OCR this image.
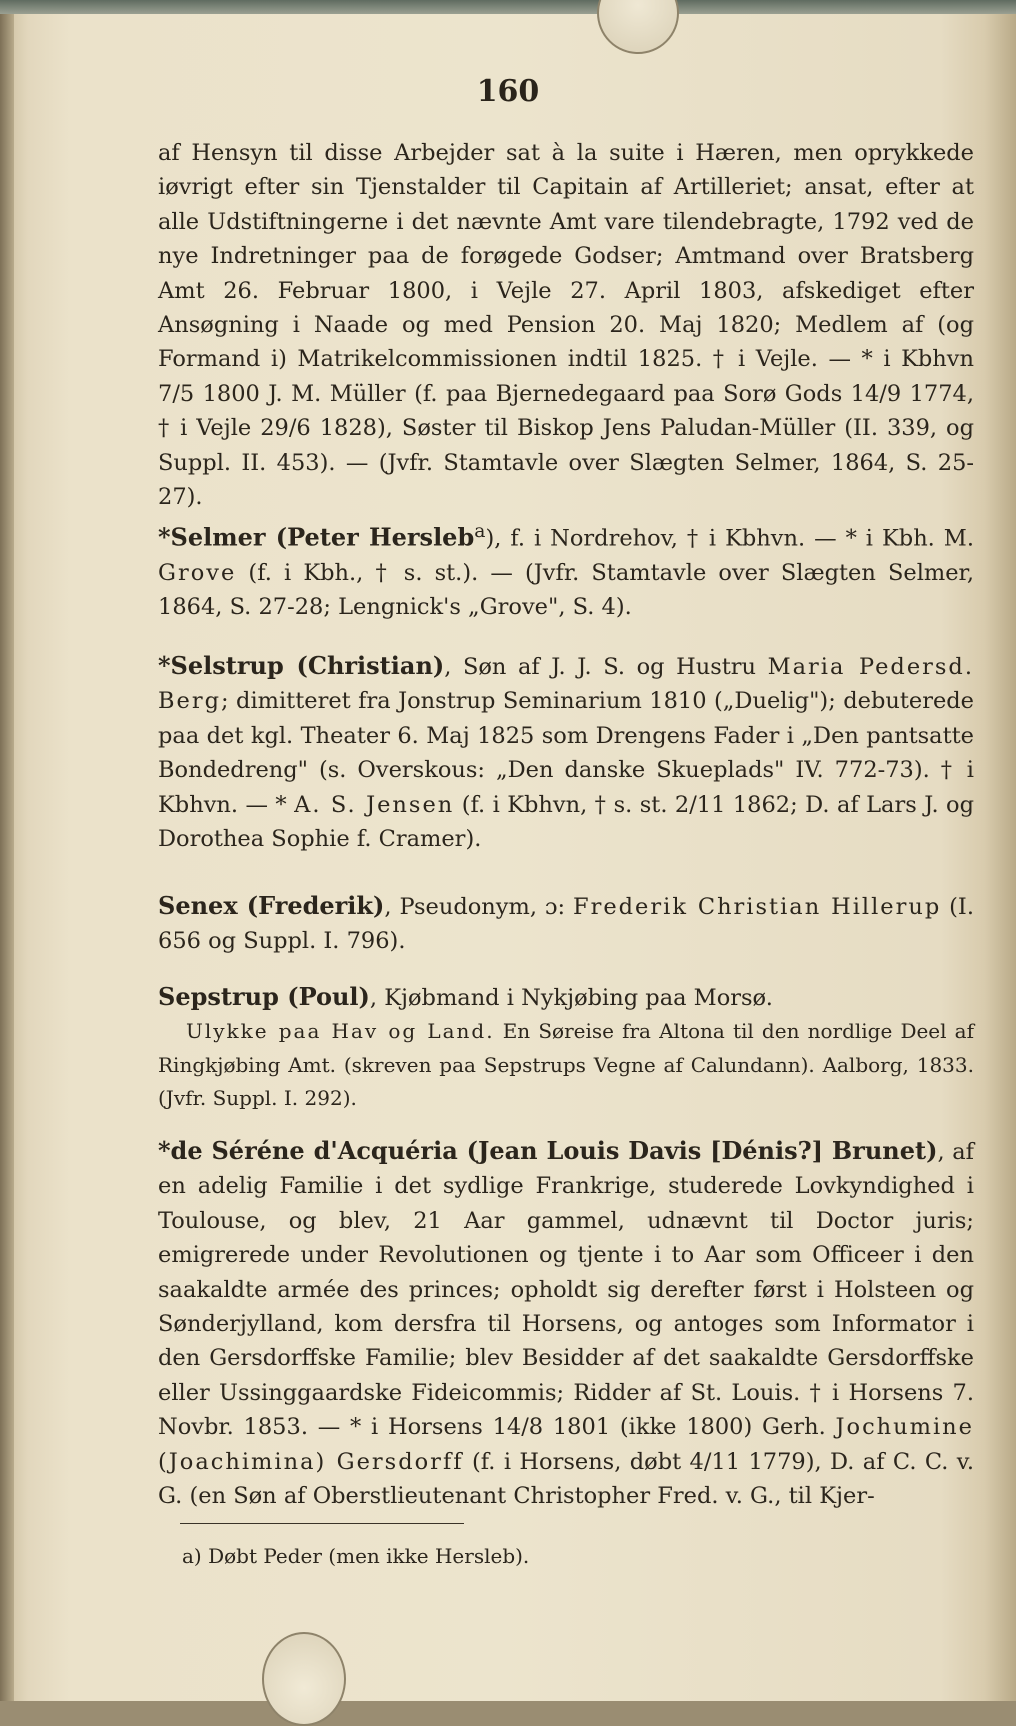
160

af Hensyn til disse Arbejder sat à la suite i Hæren, men oprykkede iøvrigt efter sin Tjenstalder til Capitain af Artilleriet; ansat, efter at alle Udstiftningerne i det nævnte Amt vare tilendebragte, 1792 ved de nye Indretninger paa de forøgede Godser; Amtmand over Bratsberg Amt 26. Februar 1800, i Vejle 27. April 1803, afskediget efter Ansøgning i Naade og med Pension 20. Maj 1820; Medlem af (og Formand i) Matrikelcommissionen indtil 1825. † i Vejle. — * i Kbhvn 7/5 1800 J. M. Müller (f. paa Bjernedegaard paa Sorø Gods 14/9 1774, † i Vejle 29/6 1828), Søster til Biskop Jens Paludan-Müller (II. 339, og Suppl. II. 453). — (Jvfr. Stamtavle over Slægten Selmer, 1864, S. 25-27).

*Selmer (Peter Hersleb$^a$), f. i Nordrehov, † i Kbhvn. — * i Kbh. M. Grove (f. i Kbh., † s. st.). — (Jvfr. Stamtavle over Slægten Selmer, 1864, S. 27-28; Lengnick's „Grove", S. 4).

*Selstrup (Christian), Søn af J. J. S. og Hustru Maria Pedersd. Berg; dimitteret fra Jonstrup Seminarium 1810 („Duelig"); debuterede paa det kgl. Theater 6. Maj 1825 som Drengens Fader i „Den pantsatte Bondedreng" (s. Overskous: „Den danske Skueplads" IV. 772-73). † i Kbhvn. — * A. S. Jensen (f. i Kbhvn, † s. st. 2/11 1862; D. af Lars J. og Dorothea Sophie f. Cramer).

Senex (Frederik), Pseudonym, ɔ: Frederik Christian Hillerup (I. 656 og Suppl. I. 796).

Sepstrup (Poul), Kjøbmand i Nykjøbing paa Morsø.

Ulykke paa Hav og Land. En Søreise fra Altona til den nordlige Deel af Ringkjøbing Amt. (skreven paa Sepstrups Vegne af Calundann). Aalborg, 1833. (Jvfr. Suppl. I. 292).

*de Séréne d'Acquéria (Jean Louis Davis [Dénis?] Brunet), af en adelig Familie i det sydlige Frankrige, studerede Lovkyndighed i Toulouse, og blev, 21 Aar gammel, udnævnt til Doctor juris; emigrerede under Revolutionen og tjente i to Aar som Officeer i den saakaldte armée des princes; opholdt sig derefter først i Holsteen og Sønderjylland, kom dersfra til Horsens, og antoges som Informator i den Gersdorffske Familie; blev Besidder af det saakaldte Gersdorffske eller Ussinggaardske Fideicommis; Ridder af St. Louis. † i Horsens 7. Novbr. 1853. — * i Horsens 14/8 1801 (ikke 1800) Gerh. Jochumine (Joachimina) Gersdorff (f. i Horsens, døbt 4/11 1779), D. af C. C. v. G. (en Søn af Oberstlieutenant Christopher Fred. v. G., til Kjer-

a) Døbt Peder (men ikke Hersleb).
